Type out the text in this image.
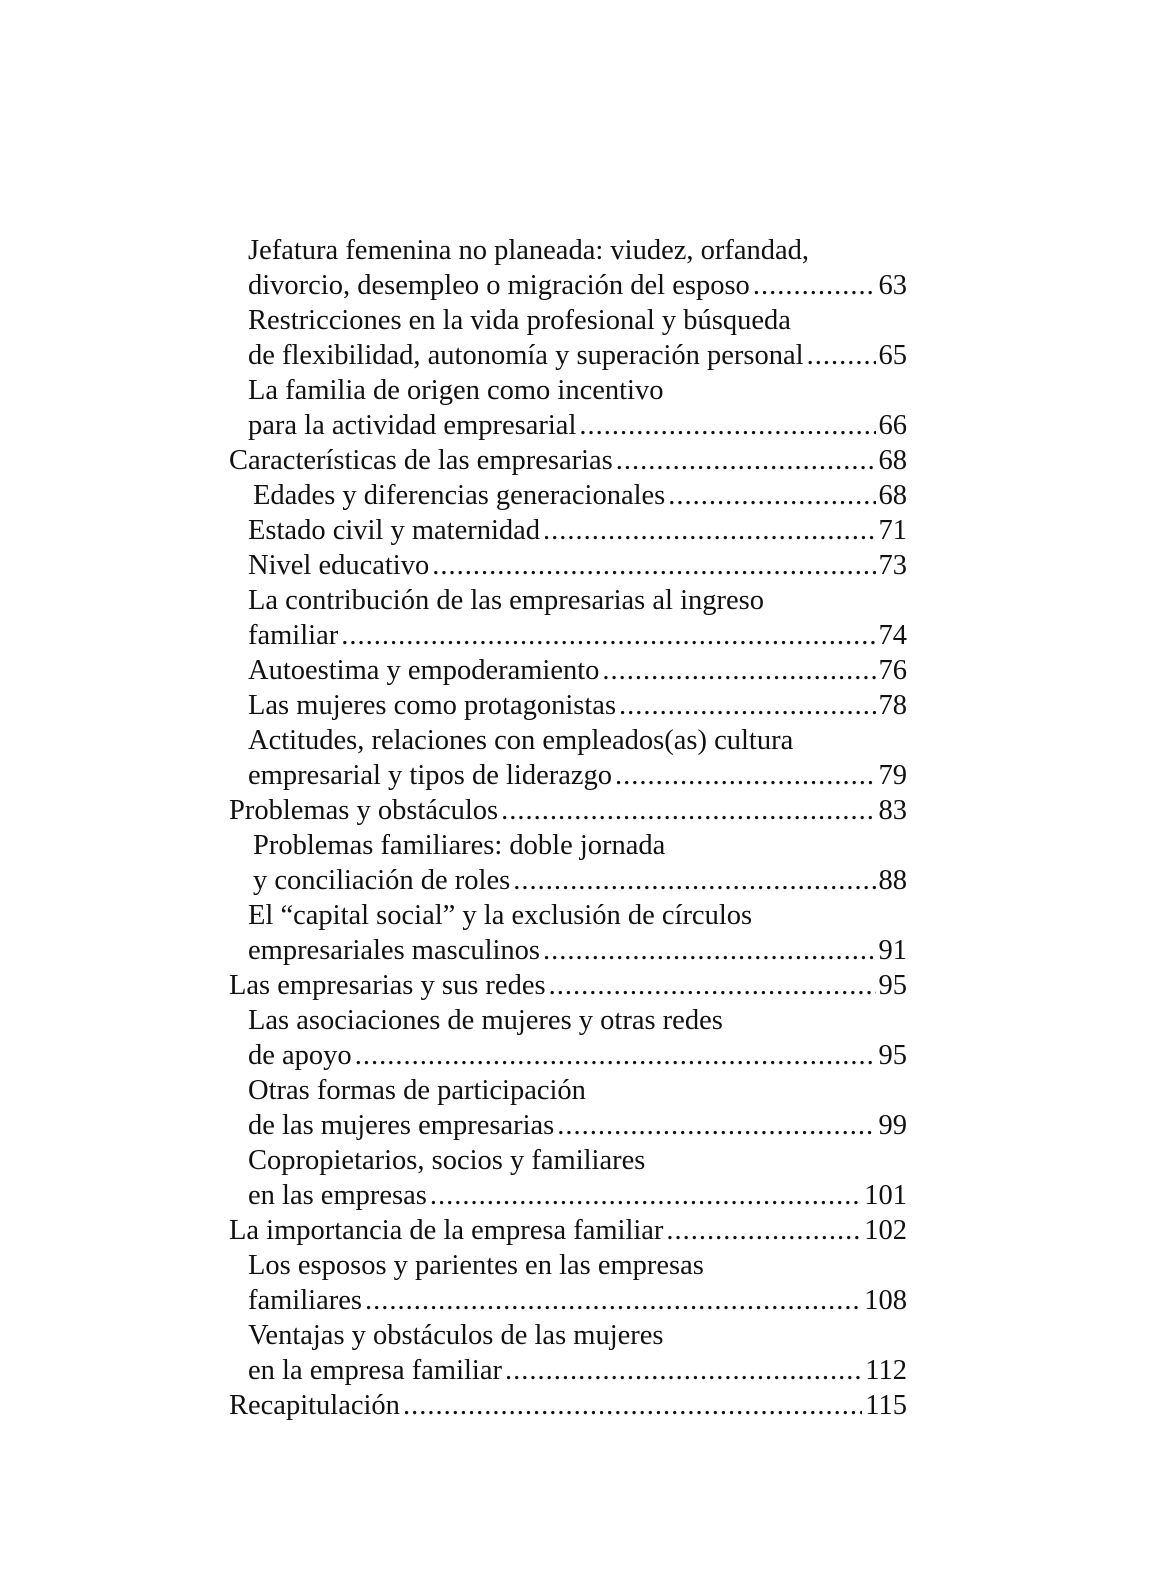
Jefatura femenina no planeada: viudez, orfandad,
divorcio, desempleo o migración del esposo .....	63
Restricciones en la vida profesional y búsqueda
de flexibilidad, autonomía y superación personal .....	65
La familia de origen como incentivo
para la actividad empresarial .....	66
Características de las empresarias .....	68
Edades y diferencias generacionales .....	68
Estado civil y maternidad .....	71
Nivel educativo .....	73
La contribución de las empresarias al ingreso
familiar .....	74
Autoestima y empoderamiento .....	76
Las mujeres como protagonistas .....	78
Actitudes, relaciones con empleados(as) cultura
empresarial y tipos de liderazgo .....	79
Problemas y obstáculos .....	83
Problemas familiares: doble jornada
y conciliación de roles .....	88
El “capital social” y la exclusión de círculos
empresariales masculinos .....	91
Las empresarias y sus redes .....	95
Las asociaciones de mujeres y otras redes
de apoyo .....	95
Otras formas de participación
de las mujeres empresarias .....	99
Copropietarios, socios y familiares
en las empresas .....	101
La importancia de la empresa familiar .....	102
Los esposos y parientes en las empresas
familiares .....	108
Ventajas y obstáculos de las mujeres
en la empresa familiar .....	112
Recapitulación .....	115
